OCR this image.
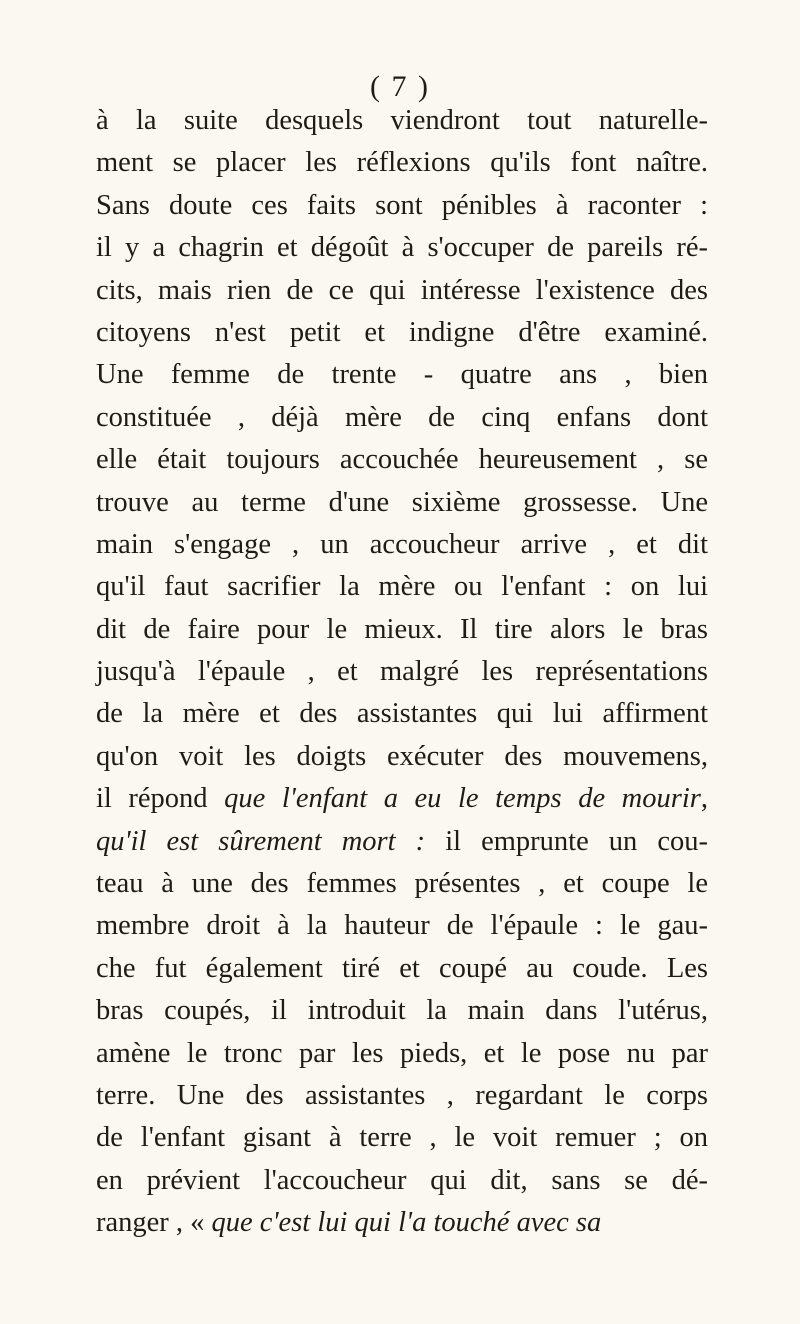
( 7 )
à la suite desquels viendront tout naturelle-
ment se placer les réflexions qu'ils font naître.
Sans doute ces faits sont pénibles à raconter :
il y a chagrin et dégoût à s'occuper de pareils ré-
cits, mais rien de ce qui intéresse l'existence des
citoyens n'est petit et indigne d'être examiné.
Une femme de trente - quatre ans , bien
constituée , déjà mère de cinq enfans dont
elle était toujours accouchée heureusement , se
trouve au terme d'une sixième grossesse. Une
main s'engage , un accoucheur arrive , et dit
qu'il faut sacrifier la mère ou l'enfant : on lui
dit de faire pour le mieux. Il tire alors le bras
jusqu'à l'épaule , et malgré les représentations
de la mère et des assistantes qui lui affirment
qu'on voit les doigts exécuter des mouvemens,
il répond que l'enfant a eu le temps de mourir,
qu'il est sûrement mort : il emprunte un cou-
teau à une des femmes présentes , et coupe le
membre droit à la hauteur de l'épaule : le gau-
che fut également tiré et coupé au coude. Les
bras coupés, il introduit la main dans l'utérus,
amène le tronc par les pieds, et le pose nu par
terre. Une des assistantes , regardant le corps
de l'enfant gisant à terre , le voit remuer ; on
en prévient l'accoucheur qui dit, sans se dé-
ranger , « que c'est lui qui l'a touché avec sa
